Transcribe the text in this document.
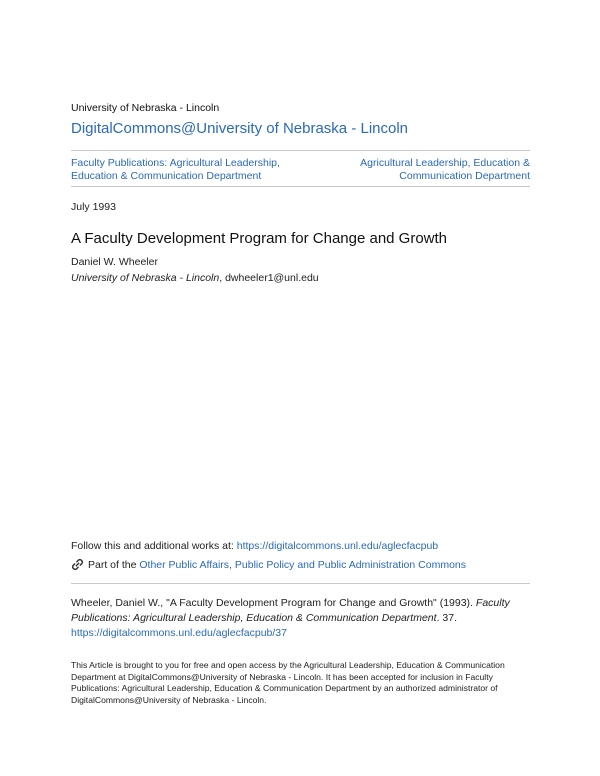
University of Nebraska - Lincoln
DigitalCommons@University of Nebraska - Lincoln
Faculty Publications: Agricultural Leadership, Education & Communication Department
Agricultural Leadership, Education & Communication Department
July 1993
A Faculty Development Program for Change and Growth
Daniel W. Wheeler
University of Nebraska - Lincoln, dwheeler1@unl.edu
Follow this and additional works at: https://digitalcommons.unl.edu/aglecfacpub
Part of the
Other Public Affairs, Public Policy and Public Administration Commons
Wheeler, Daniel W., "A Faculty Development Program for Change and Growth" (1993). Faculty Publications: Agricultural Leadership, Education & Communication Department. 37.
https://digitalcommons.unl.edu/aglecfacpub/37
This Article is brought to you for free and open access by the Agricultural Leadership, Education & Communication Department at DigitalCommons@University of Nebraska - Lincoln. It has been accepted for inclusion in Faculty Publications: Agricultural Leadership, Education & Communication Department by an authorized administrator of DigitalCommons@University of Nebraska - Lincoln.
